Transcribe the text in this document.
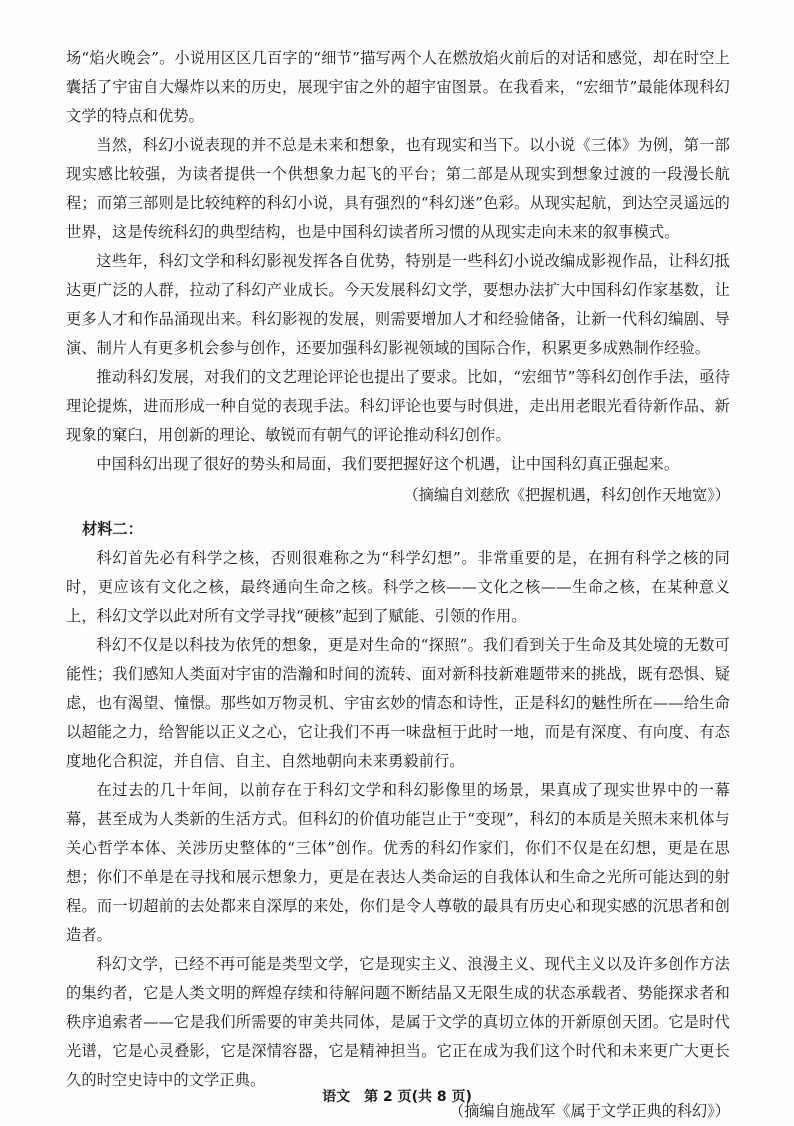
场“焰火晚会”。小说用区区几百字的“细节”描写两个人在燃放焰火前后的对话和感觉，却在时空上囊括了宇宙自大爆炸以来的历史，展现宇宙之外的超宇宙图景。在我看来，“宏细节”最能体现科幻文学的特点和优势。

当然，科幻小说表现的并不总是未来和想象，也有现实和当下。以小说《三体》为例，第一部现实感比较强，为读者提供一个供想象力起飞的平台；第二部是从现实到想象过渡的一段漫长航程；而第三部则是比较纯粹的科幻小说，具有强烈的“科幻迷”色彩。从现实起航，到达空灵遥远的世界，这是传统科幻的典型结构，也是中国科幻读者所习惯的从现实走向未来的叙事模式。

这些年，科幻文学和科幻影视发挥各自优势，特别是一些科幻小说改编成影视作品，让科幻抵达更广泛的人群，拉动了科幻产业成长。今天发展科幻文学，要想办法扩大中国科幻作家基数，让更多人才和作品涌现出来。科幻影视的发展，则需要增加人才和经验储备，让新一代科幻编剧、导演、制片人有更多机会参与创作，还要加强科幻影视领域的国际合作，积累更多成熟制作经验。

推动科幻发展，对我们的文艺理论评论也提出了要求。比如，“宏细节”等科幻创作手法，亟待理论提炼，进而形成一种自觉的表现手法。科幻评论也要与时俱进，走出用老眼光看待新作品、新现象的窠臼，用创新的理论、敏锐而有朝气的评论推动科幻创作。

中国科幻出现了很好的势头和局面，我们要把握好这个机遇，让中国科幻真正强起来。

（摘编自刘慈欣《把握机遇，科幻创作天地宽》）

材料二：

科幻首先必有科学之核，否则很难称之为“科学幻想”。非常重要的是，在拥有科学之核的同时，更应该有文化之核，最终通向生命之核。科学之核——文化之核——生命之核，在某种意义上，科幻文学以此对所有文学寻找“硬核”起到了赋能、引领的作用。

科幻不仅是以科技为依凭的想象，更是对生命的“探照”。我们看到关于生命及其处境的无数可能性；我们感知人类面对宇宙的浩瀚和时间的流转、面对新科技新难题带来的挑战，既有恐惧、疑虑，也有渴望、憧憬。那些如万物灵机、宇宙玄妙的情态和诗性，正是科幻的魅性所在——给生命以超能之力，给智能以正义之心，它让我们不再一味盘桓于此时一地，而是有深度、有向度、有态度地化合积淀，并自信、自主、自然地朝向未来勇毅前行。

在过去的几十年间，以前存在于科幻文学和科幻影像里的场景，果真成了现实世界中的一幕幕，甚至成为人类新的生活方式。但科幻的价值功能岂止于“变现”，科幻的本质是关照未来机体与关心哲学本体、关涉历史整体的“三体”创作。优秀的科幻作家们，你们不仅是在幻想，更是在思想；你们不单是在寻找和展示想象力，更是在表达人类命运的自我体认和生命之光所可能达到的射程。而一切超前的去处都来自深厚的来处，你们是令人尊敬的最具有历史心和现实感的沉思者和创造者。

科幻文学，已经不再可能是类型文学，它是现实主义、浪漫主义、现代主义以及许多创作方法的集约者，它是人类文明的辉煌存续和待解问题不断结晶又无限生成的状态承载者、势能探求者和秩序追索者——它是我们所需要的审美共同体，是属于文学的真切立体的开新原创天团。它是时代光谱，它是心灵叠影，它是深情容器，它是精神担当。它正在成为我们这个时代和未来更广大更长久的时空史诗中的文学正典。

（摘编自施战军《属于文学正典的科幻》）

语文　第 2 页(共 8 页)
